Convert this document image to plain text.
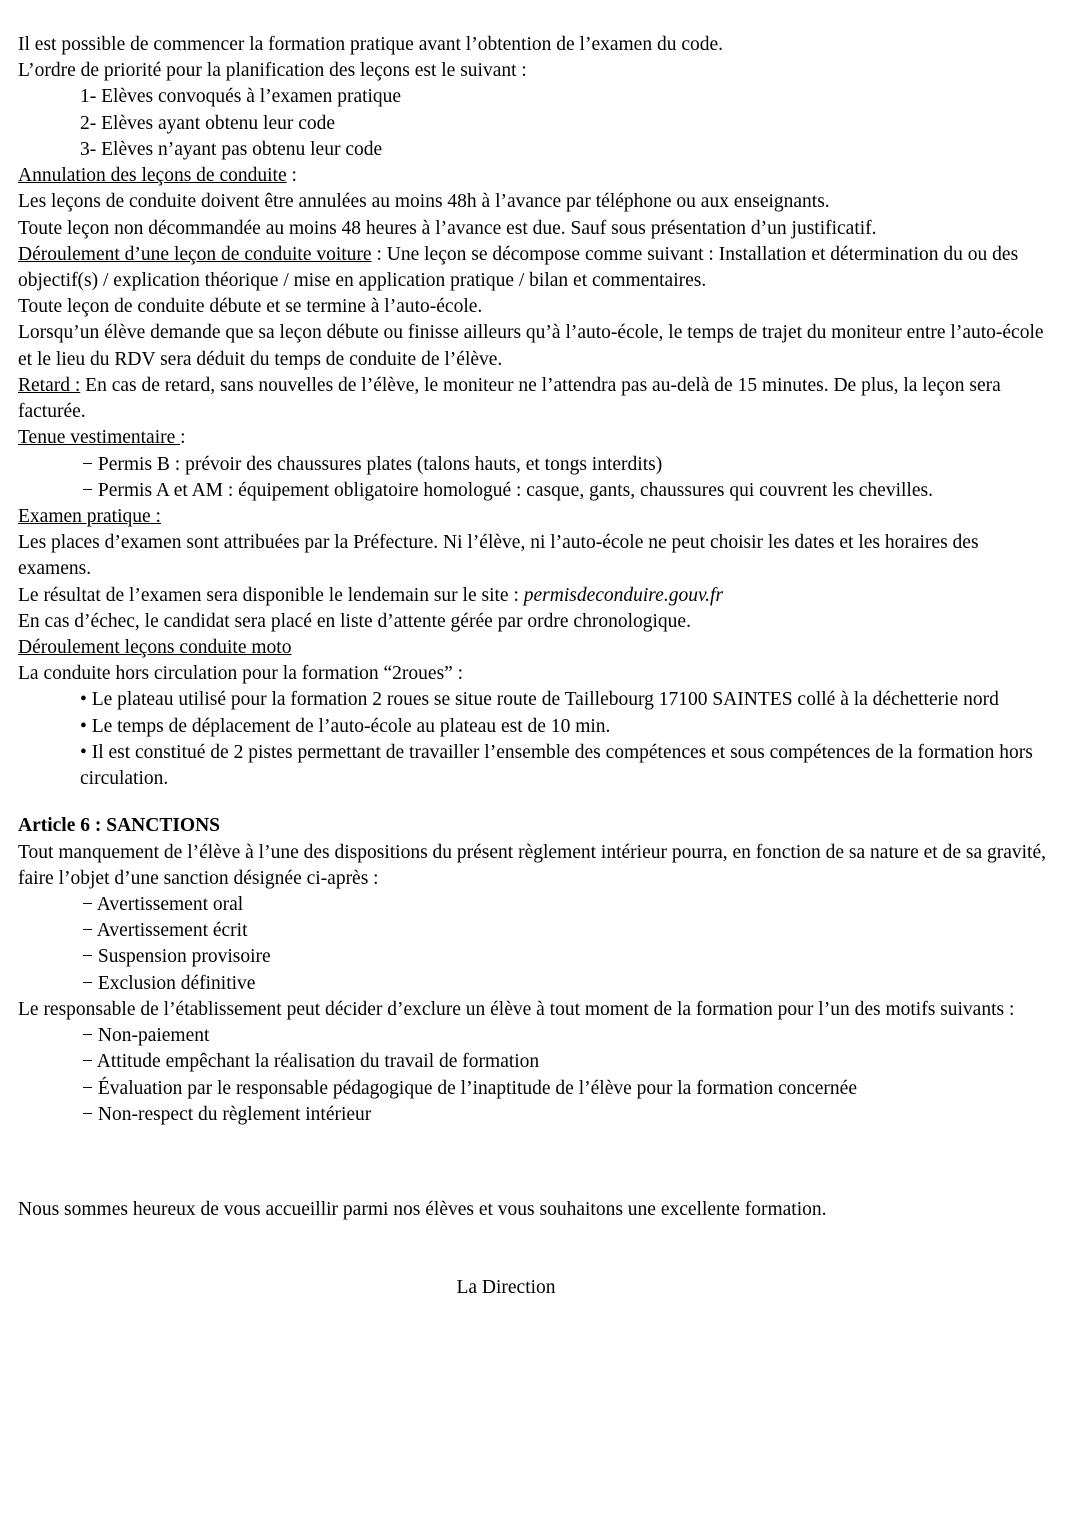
Il est possible de commencer la formation pratique avant l’obtention de l’examen du code.

L’ordre de priorité pour la planification des leçons est le suivant :

1- Elèves convoqués à l’examen pratique

2- Elèves ayant obtenu leur code

3- Elèves n’ayant pas obtenu leur code

Annulation des leçons de conduite :

Les leçons de conduite doivent être annulées au moins 48h à l’avance par téléphone ou aux enseignants.

Toute leçon non décommandée au moins 48 heures à l’avance est due. Sauf sous présentation d’un justificatif.

Déroulement d’une leçon de conduite voiture : Une leçon se décompose comme suivant : Installation et détermination du ou des objectif(s) / explication théorique / mise en application pratique / bilan et commentaires.

Toute leçon de conduite débute et se termine à l’auto-école.

Lorsqu’un élève demande que sa leçon débute ou finisse ailleurs qu’à l’auto-école, le temps de trajet du moniteur entre l’auto-école et le lieu du RDV sera déduit du temps de conduite de l’élève.

Retard : En cas de retard, sans nouvelles de l’élève, le moniteur ne l’attendra pas au-delà de 15 minutes. De plus, la leçon sera facturée.

Tenue vestimentaire :

− Permis B : prévoir des chaussures plates (talons hauts, et tongs interdits)

− Permis A et AM : équipement obligatoire homologué : casque, gants, chaussures qui couvrent les chevilles.

Examen pratique :

Les places d’examen sont attribuées par la Préfecture. Ni l’élève, ni l’auto-école ne peut choisir les dates et les horaires des examens.

Le résultat de l’examen sera disponible le lendemain sur le site : permisdeconduire.gouv.fr

En cas d’échec, le candidat sera placé en liste d’attente gérée par ordre chronologique.

Déroulement leçons conduite moto

La conduite hors circulation pour la formation “2roues” :

• Le plateau utilisé pour la formation 2 roues se situe route de Taillebourg 17100 SAINTES collé à la déchetterie nord

• Le temps de déplacement de l’auto-école au plateau est de 10 min.

• Il est constitué de 2 pistes permettant de travailler l’ensemble des compétences et sous compétences de la formation hors circulation.

Article 6 : SANCTIONS

Tout manquement de l’élève à l’une des dispositions du présent règlement intérieur pourra, en fonction de sa nature et de sa gravité, faire l’objet d’une sanction désignée ci-après :

− Avertissement oral

− Avertissement écrit

− Suspension provisoire

− Exclusion définitive

Le responsable de l’établissement peut décider d’exclure un élève à tout moment de la formation pour l’un des motifs suivants :

− Non-paiement

− Attitude empêchant la réalisation du travail de formation

− Évaluation par le responsable pédagogique de l’inaptitude de l’élève pour la formation concernée

− Non-respect du règlement intérieur

Nous sommes heureux de vous accueillir parmi nos élèves et vous souhaitons une excellente formation.

La Direction
